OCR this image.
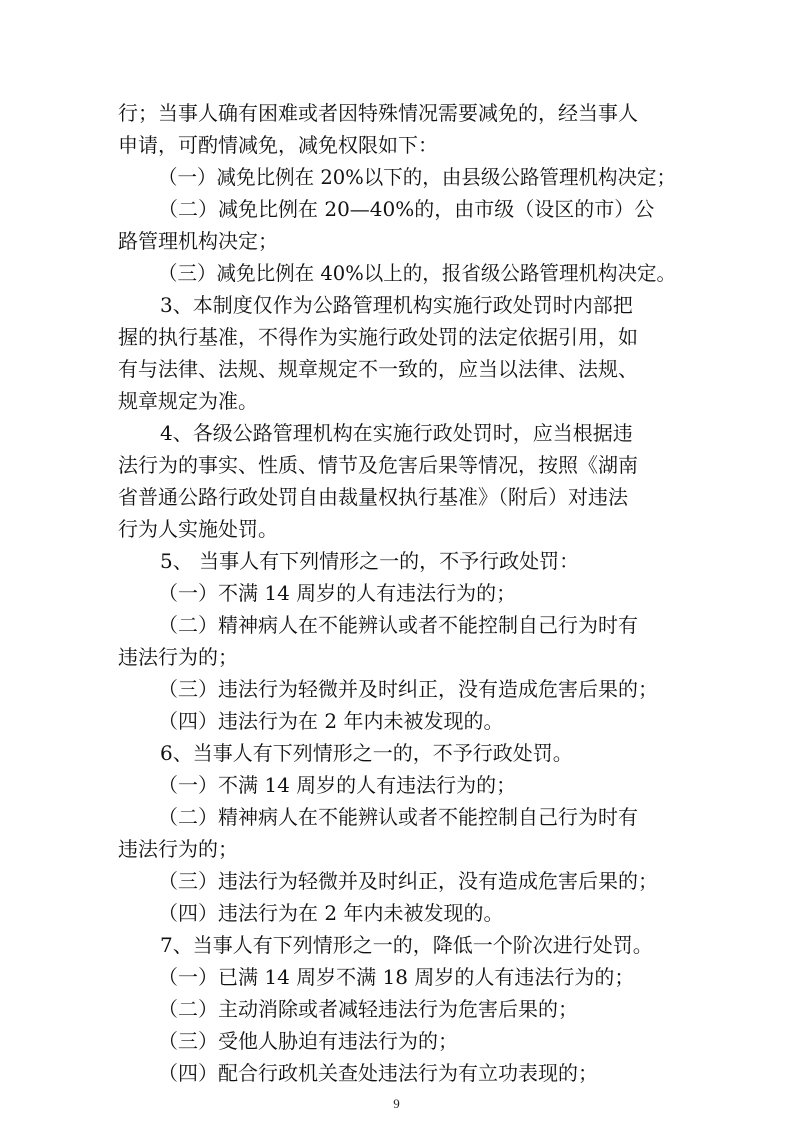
行；当事人确有困难或者因特殊情况需要减免的，经当事人
申请，可酌情减免，减免权限如下：
（一）减免比例在 20%以下的，由县级公路管理机构决定；
（二）减免比例在 20—40%的，由市级（设区的市）公
路管理机构决定；
（三）减免比例在 40%以上的，报省级公路管理机构决定。
3、本制度仅作为公路管理机构实施行政处罚时内部把
握的执行基准，不得作为实施行政处罚的法定依据引用，如
有与法律、法规、规章规定不一致的，应当以法律、法规、
规章规定为准。
4、各级公路管理机构在实施行政处罚时，应当根据违
法行为的事实、性质、情节及危害后果等情况，按照《湖南
省普通公路行政处罚自由裁量权执行基准》（附后）对违法
行为人实施处罚。
5、 当事人有下列情形之一的，不予行政处罚：
（一）不满 14 周岁的人有违法行为的；
（二）精神病人在不能辨认或者不能控制自己行为时有
违法行为的；
（三）违法行为轻微并及时纠正，没有造成危害后果的；
（四）违法行为在 2 年内未被发现的。
6、当事人有下列情形之一的，不予行政处罚。
（一）不满 14 周岁的人有违法行为的；
（二）精神病人在不能辨认或者不能控制自己行为时有
违法行为的；
（三）违法行为轻微并及时纠正，没有造成危害后果的；
（四）违法行为在 2 年内未被发现的。
7、当事人有下列情形之一的，降低一个阶次进行处罚。
（一）已满 14 周岁不满 18 周岁的人有违法行为的；
（二）主动消除或者减轻违法行为危害后果的；
（三）受他人胁迫有违法行为的；
（四）配合行政机关查处违法行为有立功表现的；
9
